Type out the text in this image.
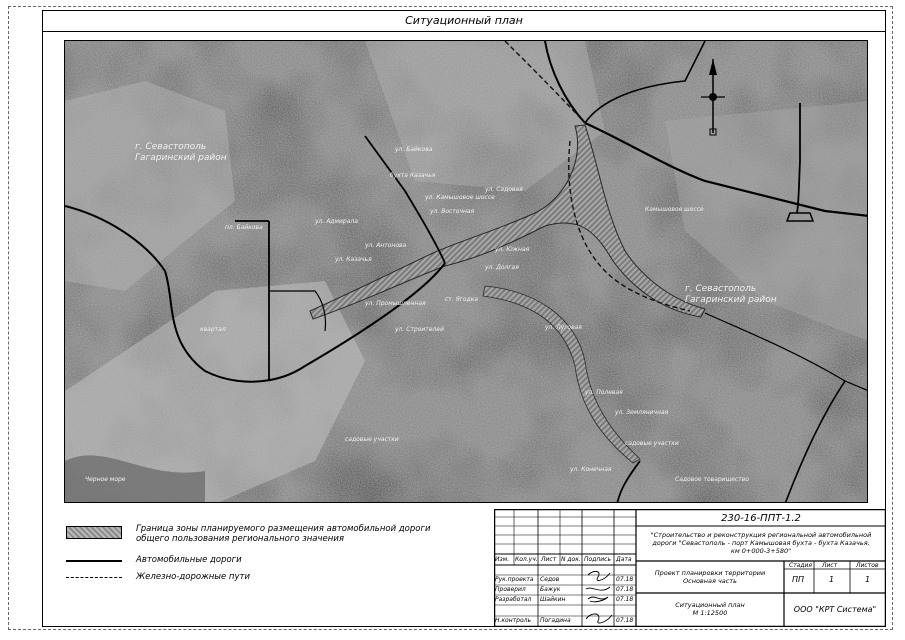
Ситуационный план
г. Севастополь Гагаринский район
г. Севастополь Гагаринский район
пл. Байкова
ул. Байкова
ул. Адмирала
ул. Антонова
ул. Казачья
ул. Камышовое шоссе
бухта Казачья
квартал	ул. Строителей
ул. Промышленная
ул. Южная
ул. Восточная
ул. Садовая
ул. Луговая
ул. Полевая
ул. Земляничная
ул. Конечная
Камышовое шоссе
Черное море
садовые участки
садовые участки
ст. Ягодка
Садовое товарищество
ул. Долгая
Граница зоны планируемого размещения автомобильной дороги
общего пользования регионального значения
Автомобильные дороги
Железно-дорожные пути
Изм. Кол.уч. Лист N док. Подпись Дата
Рук.проекта Седов	07.18
Проверил Бажук	07.18
Разработал Шайкин	07.18
Н.контроль Погадина	07.18
230-16-ППТ-1.2
"Строительство и реконструкция региональной автомобильной
дороги "Севастополь - порт Камышовая бухта - бухта Казачья,
км 0+000-3+580"
Проект планировки территории
Основная часть
Стадия Лист	Листов
ПП	1	1
Ситуационный план
М 1:12500	ООО "КРТ Система"
